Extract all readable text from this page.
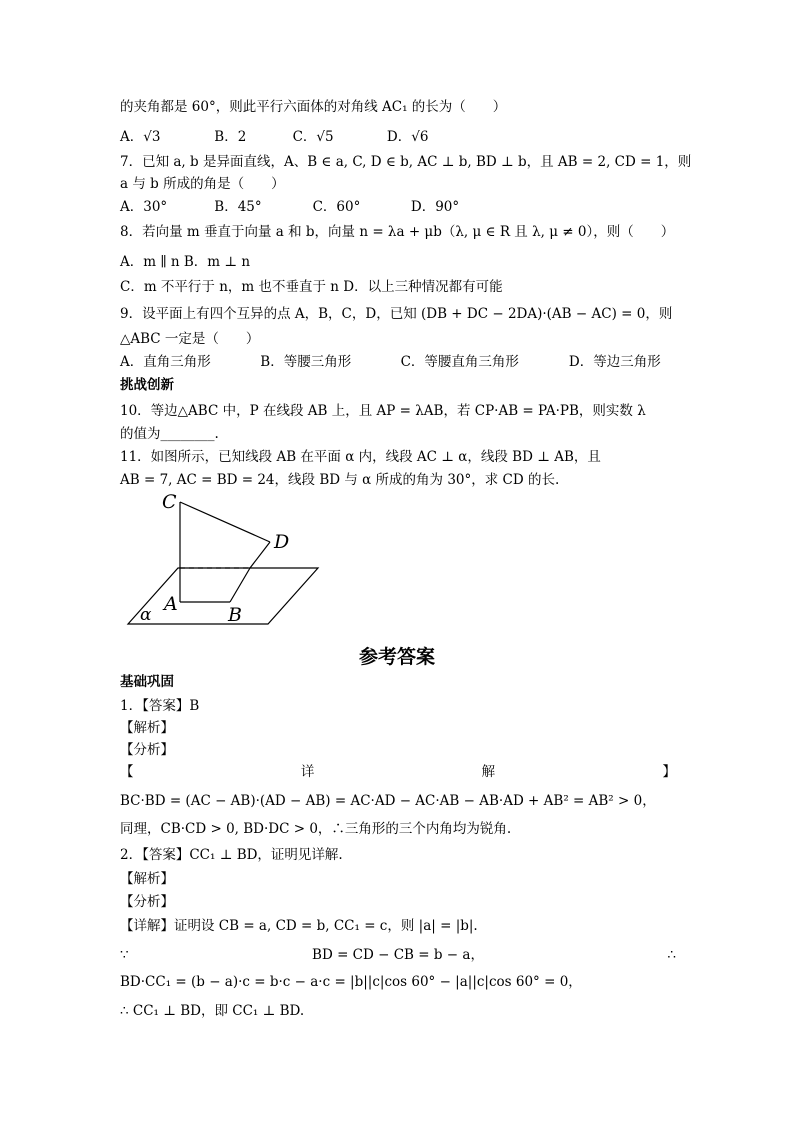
的夹角都是 60°，则此平行六面体的对角线 AC₁ 的长为（　　）
A．√3	B．2	C．√5	D．√6
7．已知 a, b 是异面直线，A、B ∈ a, C, D ∈ b, AC ⊥ b, BD ⊥ b，且 AB = 2, CD = 1，则
a 与 b 所成的角是（　　）
A．30°	B．45°	C．60°	D．90°
8．若向量 m 垂直于向量 a 和 b，向量 n = λa + μb（λ, μ ∈ R 且 λ, μ ≠ 0），则（　　）
A．m ∥ n B．m ⊥ n
C．m 不平行于 n，m 也不垂直于 n D．以上三种情况都有可能
9．设平面上有四个互异的点 A，B，C，D，已知 (DB + DC − 2DA)·(AB − AC) = 0，则
△ABC 一定是（　　）
A．直角三角形	B．等腰三角形	C．等腰直角三角形	D．等边三角形
挑战创新
10．等边△ABC 中，P 在线段 AB 上，且 AP = λAB，若 CP·AB = PA·PB，则实数 λ
的值为________.
11．如图所示，已知线段 AB 在平面 α 内，线段 AC ⊥ α，线段 BD ⊥ AB，且
AB = 7, AC = BD = 24，线段 BD 与 α 所成的角为 30°，求 CD 的长.
C
D
A	B
α
参考答案
基础巩固
1．【答案】B
【解析】
【分析】
【	详	解	】
BC·BD = (AC − AB)·(AD − AB) = AC·AD − AC·AB − AB·AD + AB² = AB² > 0，
同理，CB·CD > 0, BD·DC > 0，∴三角形的三个内角均为锐角.
2．【答案】CC₁ ⊥ BD，证明见详解.
【解析】
【分析】
【详解】证明设 CB = a, CD = b, CC₁ = c，则 |a| = |b|.
∵	BD = CD − CB = b − a，	∴
BD·CC₁ = (b − a)·c = b·c − a·c = |b||c|cos 60° − |a||c|cos 60° = 0，
∴ CC₁ ⊥ BD，即 CC₁ ⊥ BD.
